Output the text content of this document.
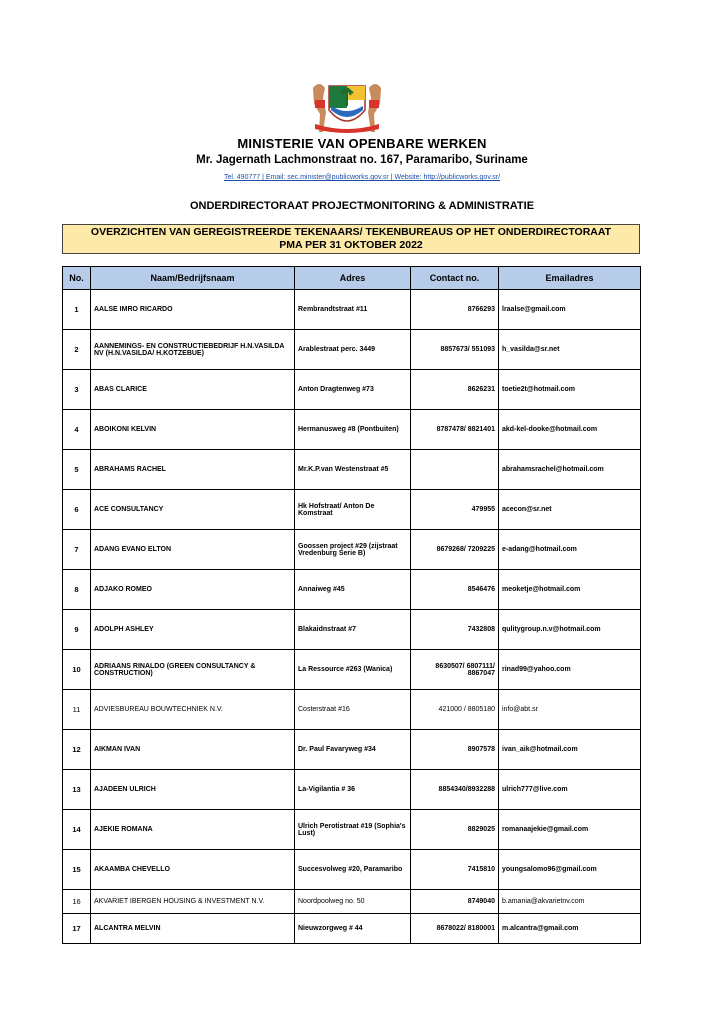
MINISTERIE VAN OPENBARE WERKEN
Mr. Jagernath Lachmonstraat no. 167, Paramaribo, Suriname
Tel. 490777 | Email: sec.minister@publicworks.gov.sr | Website: http://publicworks.gov.sr/
ONDERDIRECTORAAT PROJECTMONITORING & ADMINISTRATIE
OVERZICHTEN VAN GEREGISTREERDE TEKENAARS/ TEKENBUREAUS OP HET ONDERDIRECTORAAT
PMA PER 31 OKTOBER 2022
No.	Naam/Bedrijfsnaam	Adres	Contact no.	Emailadres
1	AALSE IMRO RICARDO	Rembrandtstraat #11	8766293	lraalse@gmail.com
2	AANNEMINGS- EN CONSTRUCTIEBEDRIJF H.N.VASILDA NV (H.N.VASILDA/ H.KOTZEBUE)	Arablestraat perc. 3449	8857673/ 551093	h_vasilda@sr.net
3	ABAS CLARICE	Anton Dragtenweg #73	8626231	toetie2t@hotmail.com
4	ABOIKONI KELVIN	Hermanusweg #8 (Pontbuiten)	8787478/ 8821401	akd-kel-dooke@hotmail.com
5	ABRAHAMS RACHEL	Mr.K.P.van Westenstraat #5		abrahamsrachel@hotmail.com
6	ACE CONSULTANCY	Hk Hofstraat/ Anton De Komstraat	479955	acecon@sr.net
7	ADANG EVANO ELTON	Goossen project #29 (zijstraat Vredenburg Serie B)	8679268/ 7209225	e-adang@hotmail.com
8	ADJAKO ROMEO	Annaiweg #45	8546476	meoketje@hotmail.com
9	ADOLPH ASHLEY	Blakaidnstraat #7	7432808	qulitygroup.n.v@hotmail.com
10	ADRIAANS RINALDO (GREEN CONSULTANCY & CONSTRUCTION)	La Ressource #263 (Wanica)	8630507/ 6807111/ 8867047	rinad99@yahoo.com
11	ADVIESBUREAU BOUWTECHNIEK N.V.	Costerstraat #16	421000 / 8805180	info@abt.sr
12	AIKMAN IVAN	Dr. Paul Favaryweg #34	8907578	ivan_aik@hotmail.com
13	AJADEEN ULRICH	La-Vigilantia # 36	8854340/8932288	ulrich777@live.com
14	AJEKIE ROMANA	Ulrich Perotistraat #19 (Sophia's Lust)	8829025	romanaajekie@gmail.com
15	AKAAMBA CHEVELLO	Succesvolweg #20, Paramaribo	7415810	youngsalomo96@gmail.com
16	AKVARIET IBERGEN HOUSING & INVESTMENT N.V.	Noordpoolweg no. 50	8749040	b.amania@akvarietnv.com
17	ALCANTRA MELVIN	Nieuwzorgweg # 44	8678022/ 8180001	m.alcantra@gmail.com
